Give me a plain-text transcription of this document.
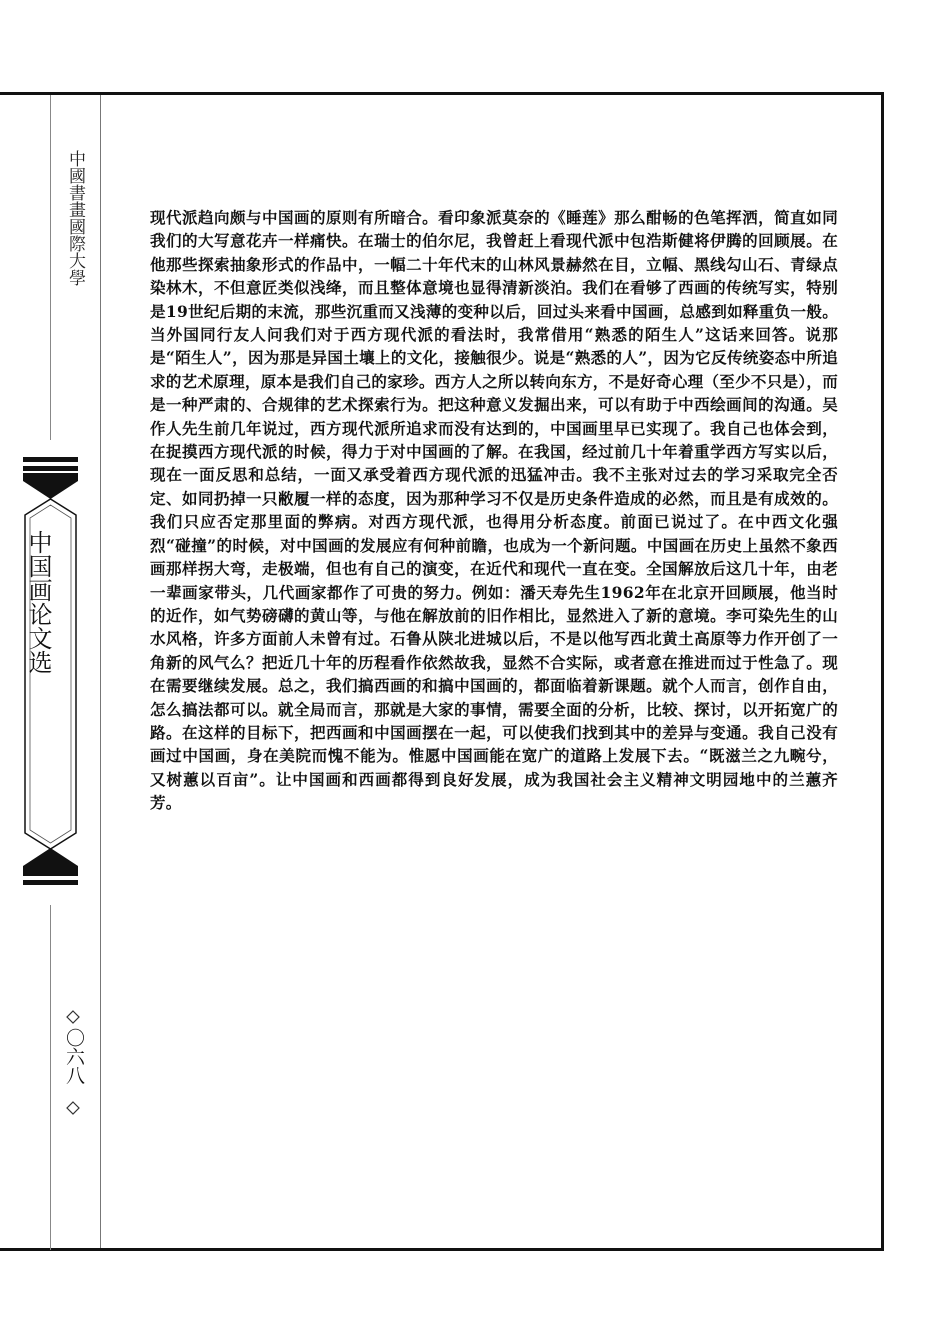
中國書畫國際大學
中国画论文选
〇六八
现代派趋向颇与中国画的原则有所暗合。看印象派莫奈的《睡莲》那么酣畅的色笔挥洒，简直如同我们的大写意花卉一样痛快。在瑞士的伯尔尼，我曾赶上看现代派中包浩斯健将伊腾的回顾展。在他那些探索抽象形式的作品中，一幅二十年代末的山林风景赫然在目，立幅、黑线勾山石、青绿点染林木，不但意匠类似浅绛，而且整体意境也显得清新淡泊。我们在看够了西画的传统写实，特别是19世纪后期的末流，那些沉重而又浅薄的变种以后，回过头来看中国画，总感到如释重负一般。当外国同行友人问我们对于西方现代派的看法时，我常借用“熟悉的陌生人”这话来回答。说那是“陌生人”，因为那是异国土壤上的文化，接触很少。说是“熟悉的人”，因为它反传统姿态中所追求的艺术原理，原本是我们自己的家珍。西方人之所以转向东方，不是好奇心理（至少不只是），而是一种严肃的、合规律的艺术探索行为。把这种意义发掘出来，可以有助于中西绘画间的沟通。吴作人先生前几年说过，西方现代派所追求而没有达到的，中国画里早已实现了。我自己也体会到，在捉摸西方现代派的时候，得力于对中国画的了解。在我国，经过前几十年着重学西方写实以后，现在一面反思和总结，一面又承受着西方现代派的迅猛冲击。我不主张对过去的学习采取完全否定、如同扔掉一只敝履一样的态度，因为那种学习不仅是历史条件造成的必然，而且是有成效的。我们只应否定那里面的弊病。对西方现代派，也得用分析态度。前面已说过了。在中西文化强烈“碰撞”的时候，对中国画的发展应有何种前瞻，也成为一个新问题。中国画在历史上虽然不象西画那样拐大弯，走极端，但也有自己的演变，在近代和现代一直在变。全国解放后这几十年，由老一辈画家带头，几代画家都作了可贵的努力。例如：潘天寿先生1962年在北京开回顾展，他当时的近作，如气势磅礴的黄山等，与他在解放前的旧作相比，显然进入了新的意境。李可染先生的山水风格，许多方面前人未曾有过。石鲁从陕北进城以后，不是以他写西北黄土高原等力作开创了一角新的风气么？把近几十年的历程看作依然故我，显然不合实际，或者意在推进而过于性急了。现在需要继续发展。总之，我们搞西画的和搞中国画的，都面临着新课题。就个人而言，创作自由，怎么搞法都可以。就全局而言，那就是大家的事情，需要全面的分析，比较、探讨，以开拓宽广的路。在这样的目标下，把西画和中国画摆在一起，可以使我们找到其中的差异与变通。我自己没有画过中国画，身在美院而愧不能为。惟愿中国画能在宽广的道路上发展下去。“既滋兰之九畹兮，又树蕙以百亩”。让中国画和西画都得到良好发展，成为我国社会主义精神文明园地中的兰蕙齐芳。
